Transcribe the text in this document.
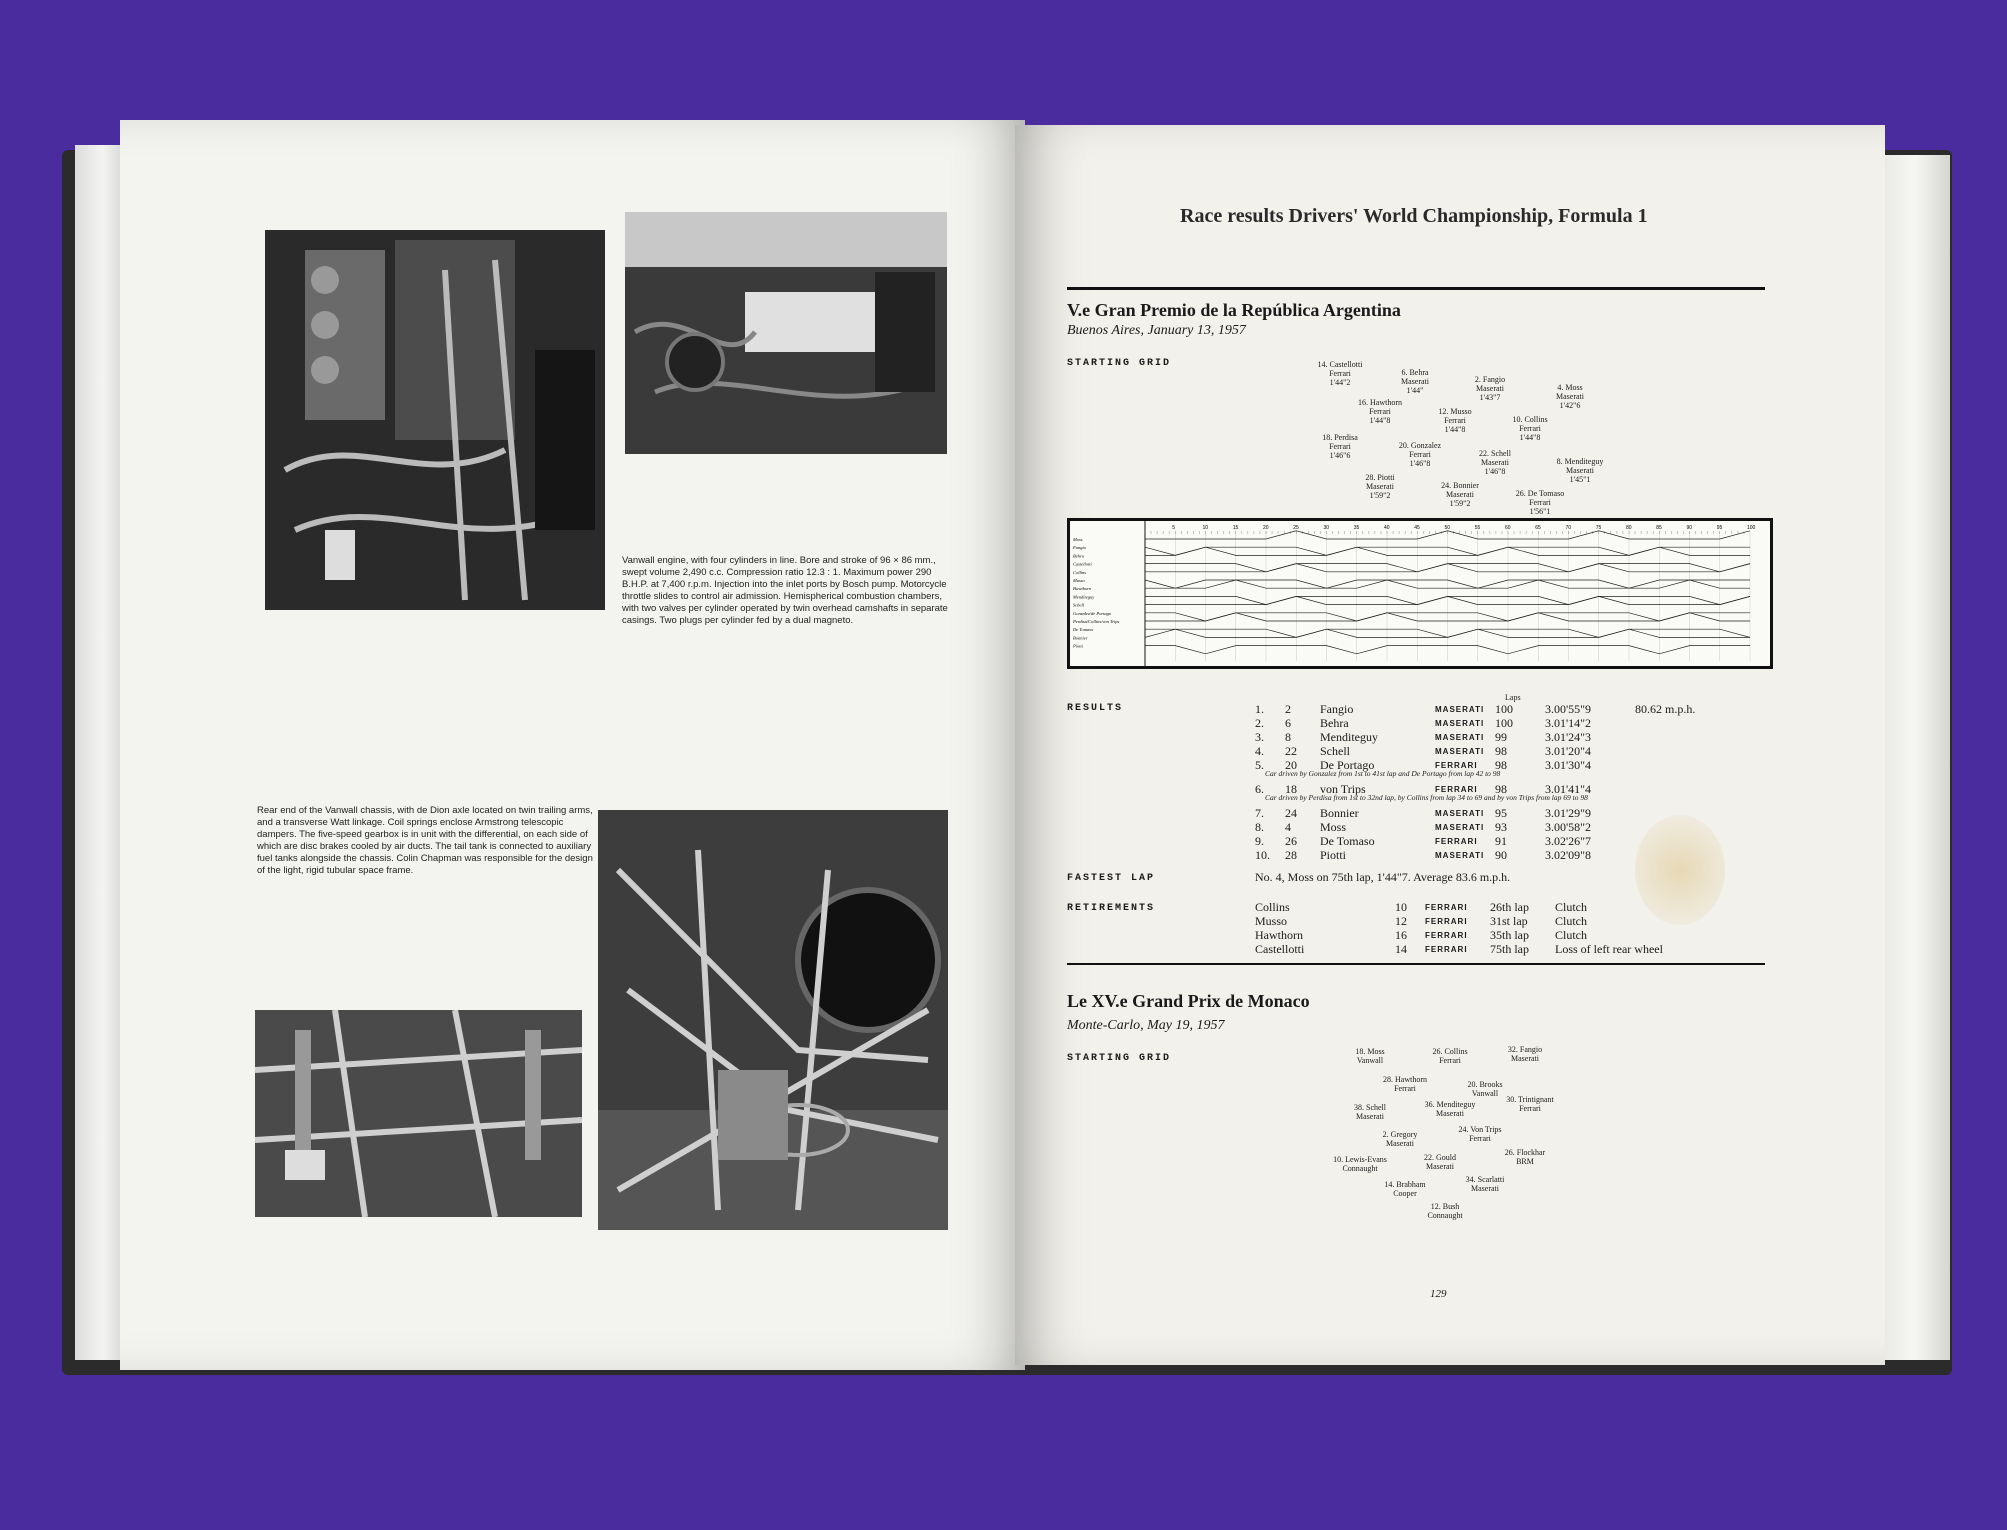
Vanwall engine, with four cylinders in line. Bore and stroke of 96 × 86 mm., swept volume 2,490 c.c. Compression ratio 12.3 : 1. Maximum power 290 B.H.P. at 7,400 r.p.m. Injection into the inlet ports by Bosch pump. Motorcycle throttle slides to control air admission. Hemispherical combustion chambers, with two valves per cylinder operated by twin overhead camshafts in separate casings. Two plugs per cylinder fed by a dual magneto.
Rear end of the Vanwall chassis, with de Dion axle located on twin trailing arms, and a transverse Watt linkage. Coil springs enclose Armstrong telescopic dampers. The five-speed gearbox is in unit with the differential, on each side of which are disc brakes cooled by air ducts. The tail tank is connected to auxiliary fuel tanks alongside the chassis. Colin Chapman was responsible for the design of the light, rigid tubular space frame.
Race results Drivers' World Championship, Formula 1
V.e Gran Premio de la República Argentina
Buenos Aires, January 13, 1957
STARTING GRID
5	10	15	20	25	30	35	40	45	50	55	60	65	70	75	80	85	90	95	100
Moss
Fangio
Behra
Castellotti
Collins
Musso
Hawthorn
Menditeguy
Schell
Gonzalez/de Portago
Perdisa/Collins/von Trips
De Tomaso
Bonnier
Piotti
RESULTS
Laps
Car driven by Gonzalez from 1st to 41st lap and De Portago from lap 42 to 98
Car driven by Perdisa from 1st to 32nd lap, by Collins from lap 34 to 69 and by von Trips from lap 69 to 98
FASTEST LAP	No. 4, Moss on 75th lap, 1'44"7. Average 83.6 m.p.h.
RETIREMENTS
Le XV.e Grand Prix de Monaco
Monte-Carlo, May 19, 1957
STARTING GRID
129
14. Castellotti
Ferrari
1'44"2
6. Behra
Maserati
1'44"
2. Fangio
Maserati
1'43"7
4. Moss
Maserati
1'42"6
16. Hawthorn
Ferrari
1'44"8
12. Musso
Ferrari
1'44"8
10. Collins
Ferrari
1'44"8
18. Perdisa
Ferrari
1'46"6
20. Gonzalez
Ferrari
1'46"8
22. Schell
Maserati
1'46"8
8. Menditeguy
Maserati
1'45"1
28. Piotti
Maserati
1'59"2
24. Bonnier
Maserati
1'59"2
26. De Tomaso
Ferrari
1'56"1
18. Moss
Vanwall
26. Collins
Ferrari
32. Fangio
Maserati
28. Hawthorn
Ferrari	20. Brooks
Vanwall
38. Schell
Maserati
36. Menditeguy
Maserati
30. Trintignant
Ferrari
2. Gregory
Maserati
24. Von Trips
Ferrari
10. Lewis-Evans
Connaught
22. Gould
Maserati
26. Flockhar
BRM
14. Brabham
Cooper
34. Scarlatti
Maserati
12. Bush
Connaught
1. 2 Fangio	MASERATI 100	3.00'55"9	80.62 m.p.h.
2. 6 Behra	MASERATI 100	3.01'14"2
3. 8 Menditeguy	MASERATI 99	3.01'24"3
4. 22 Schell	MASERATI 98	3.01'20"4
5. 20 De Portago	FERRARI 98	3.01'30"4
6. 18 von Trips	FERRARI 98	3.01'41"4
7. 24 Bonnier	MASERATI 95	3.01'29"9
8. 4 Moss	MASERATI 93	3.00'58"2
9. 26 De Tomaso	FERRARI 91	3.02'26"7
10. 28 Piotti	MASERATI 90	3.02'09"8
Collins	10 FERRARI 26th lap Clutch
Musso	12 FERRARI 31st lap Clutch
Hawthorn	16 FERRARI 35th lap Clutch
Castellotti	14 FERRARI 75th lap Loss of left rear wheel
